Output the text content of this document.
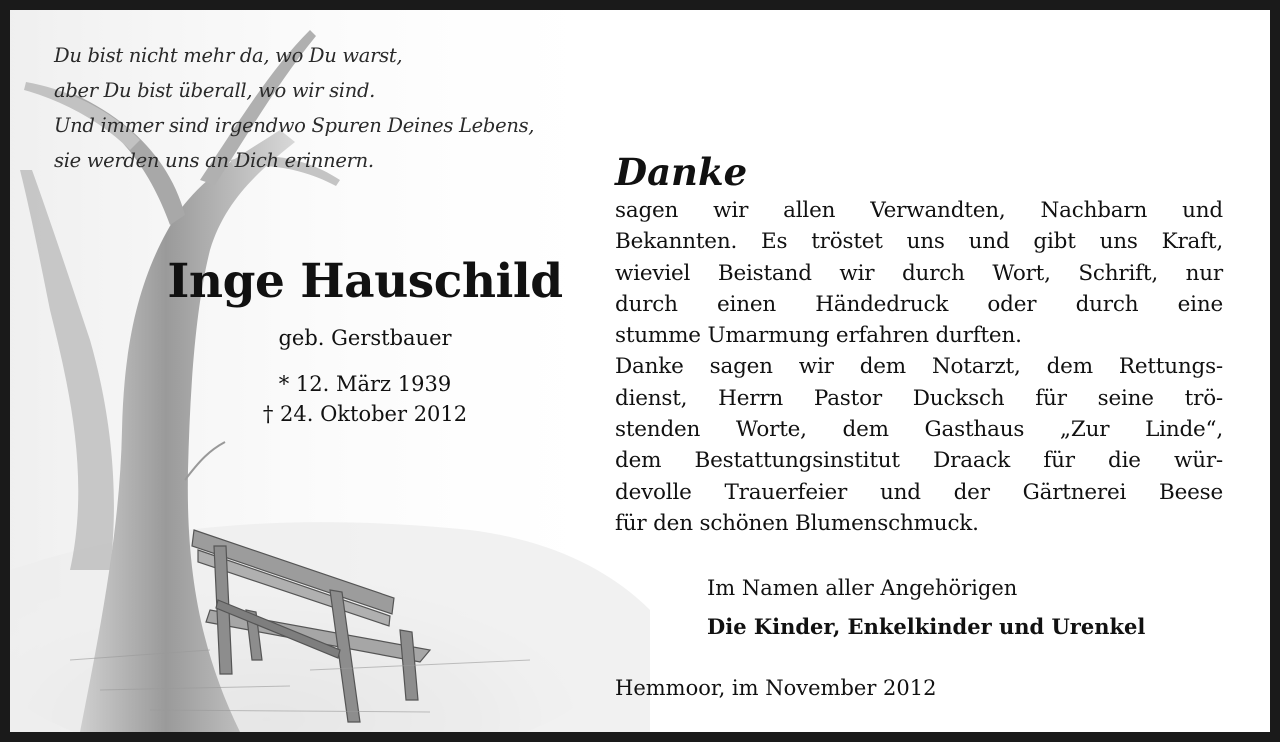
Du bist nicht mehr da, wo Du warst,
aber Du bist überall, wo wir sind.
Und immer sind irgendwo Spuren Deines Lebens,
sie werden uns an Dich erinnern.
Inge Hauschild
geb. Gerstbauer
* 12. März 1939
† 24. Oktober 2012
Danke
sagen wir allen Verwandten, Nachbarn und
Bekannten. Es tröstet uns und gibt uns Kraft,
wieviel Beistand wir durch Wort, Schrift, nur
durch einen Händedruck oder durch eine
stumme Umarmung erfahren durften.
Danke sagen wir dem Notarzt, dem Rettungs-
dienst, Herrn Pastor Ducksch für seine trö-
stenden Worte, dem Gasthaus „Zur Linde“,
dem Bestattungsinstitut Draack für die wür-
devolle Trauerfeier und der Gärtnerei Beese
für den schönen Blumenschmuck.
Im Namen aller Angehörigen
Die Kinder, Enkelkinder und Urenkel
Hemmoor, im November 2012
